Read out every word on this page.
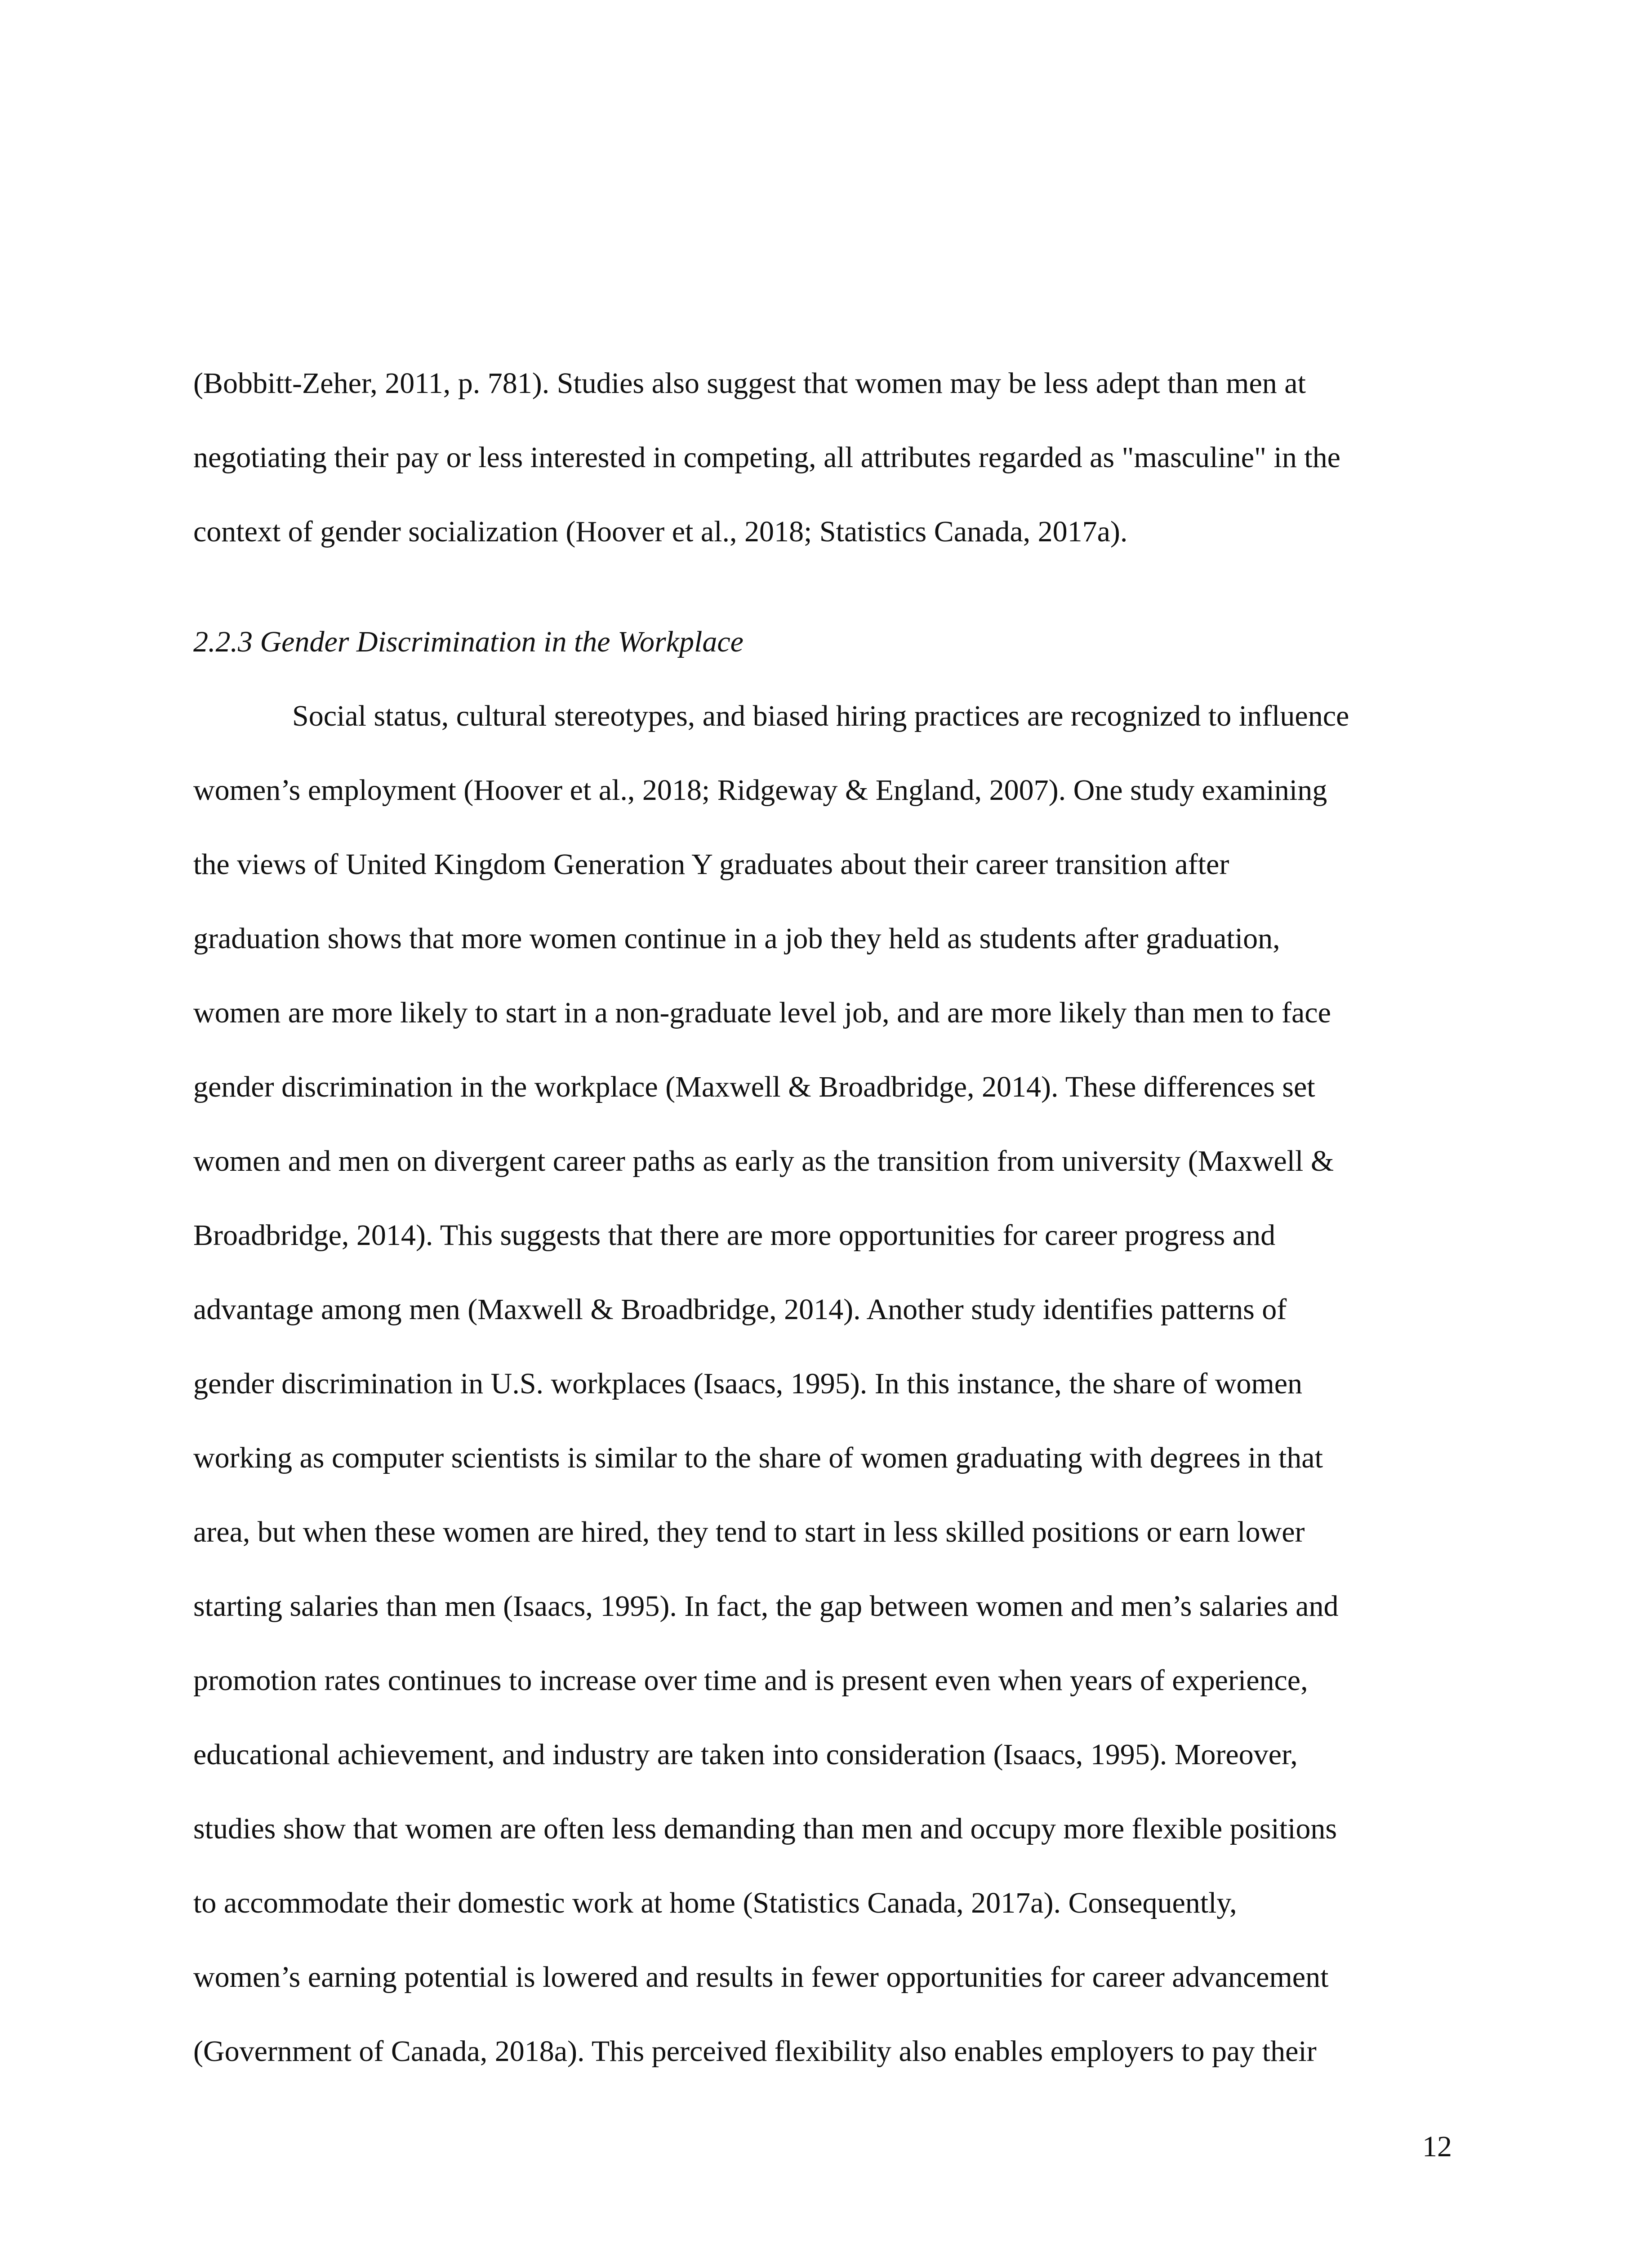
(Bobbitt-Zeher, 2011, p. 781). Studies also suggest that women may be less adept than men at
negotiating their pay or less interested in competing, all attributes regarded as "masculine" in the
context of gender socialization (Hoover et al., 2018; Statistics Canada, 2017a).
2.2.3 Gender Discrimination in the Workplace
Social status, cultural stereotypes, and biased hiring practices are recognized to influence
women’s employment (Hoover et al., 2018; Ridgeway & England, 2007). One study examining
the views of United Kingdom Generation Y graduates about their career transition after
graduation shows that more women continue in a job they held as students after graduation,
women are more likely to start in a non-graduate level job, and are more likely than men to face
gender discrimination in the workplace (Maxwell & Broadbridge, 2014). These differences set
women and men on divergent career paths as early as the transition from university (Maxwell &
Broadbridge, 2014). This suggests that there are more opportunities for career progress and
advantage among men (Maxwell & Broadbridge, 2014). Another study identifies patterns of
gender discrimination in U.S. workplaces (Isaacs, 1995). In this instance, the share of women
working as computer scientists is similar to the share of women graduating with degrees in that
area, but when these women are hired, they tend to start in less skilled positions or earn lower
starting salaries than men (Isaacs, 1995). In fact, the gap between women and men’s salaries and
promotion rates continues to increase over time and is present even when years of experience,
educational achievement, and industry are taken into consideration (Isaacs, 1995). Moreover,
studies show that women are often less demanding than men and occupy more flexible positions
to accommodate their domestic work at home (Statistics Canada, 2017a). Consequently,
women’s earning potential is lowered and results in fewer opportunities for career advancement
(Government of Canada, 2018a). This perceived flexibility also enables employers to pay their
12
